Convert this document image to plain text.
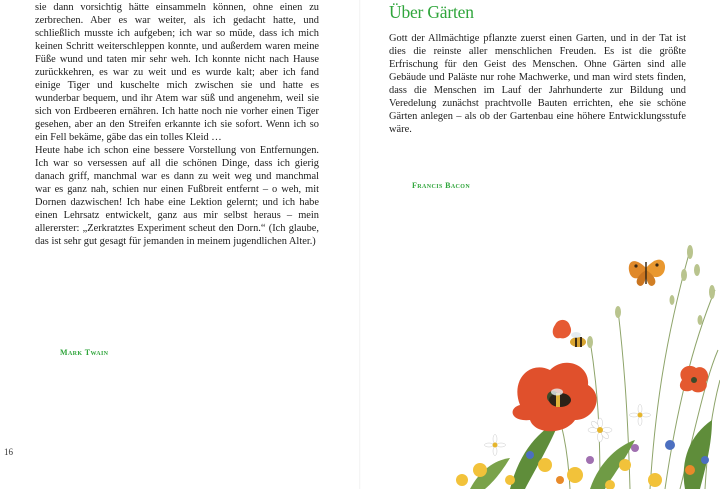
sie dann vorsichtig hätte einsammeln können, ohne einen zu zerbrechen. Aber es war weiter, als ich gedacht hatte, und schließlich musste ich aufgeben; ich war so müde, dass ich mich keinen Schritt weiterschleppen konnte, und außerdem waren meine Füße wund und taten mir sehr weh. Ich konnte nicht nach Hause zurückkehren, es war zu weit und es wurde kalt; aber ich fand einige Tiger und kuschelte mich zwischen sie und hatte es wunderbar bequem, und ihr Atem war süß und angenehm, weil sie sich von Erdbeeren ernähren. Ich hatte noch nie vorher einen Tiger gesehen, aber an den Streifen erkannte ich sie sofort. Wenn ich so ein Fell bekäme, gäbe das ein tolles Kleid …

Heute habe ich schon eine bessere Vorstellung von Entfernungen. Ich war so versessen auf all die schönen Dinge, dass ich gierig danach griff, manchmal war es dann zu weit weg und manchmal war es ganz nah, schien nur einen Fußbreit entfernt – o weh, mit Dornen dazwischen! Ich habe eine Lektion gelernt; und ich habe einen Lehrsatz entwickelt, ganz aus mir selbst heraus – mein allererster: „Zerkratztes Experiment scheut den Dorn.“ (Ich glaube, das ist sehr gut gesagt für jemanden in meinem jugendlichen Alter.)

Mark Twain
16
Über Gärten

Gott der Allmächtige pflanzte zuerst einen Garten, und in der Tat ist dies die reinste aller menschlichen Freuden. Es ist die größte Erfrischung für den Geist des Menschen. Ohne Gärten sind alle Gebäude und Paläste nur rohe Machwerke, und man wird stets finden, dass die Menschen im Lauf der Jahrhunderte zur Bildung und Veredelung zunächst prachtvolle Bauten errichten, ehe sie schöne Gärten anlegen – als ob der Gartenbau eine höhere Entwicklungsstufe wäre.

Francis Bacon
